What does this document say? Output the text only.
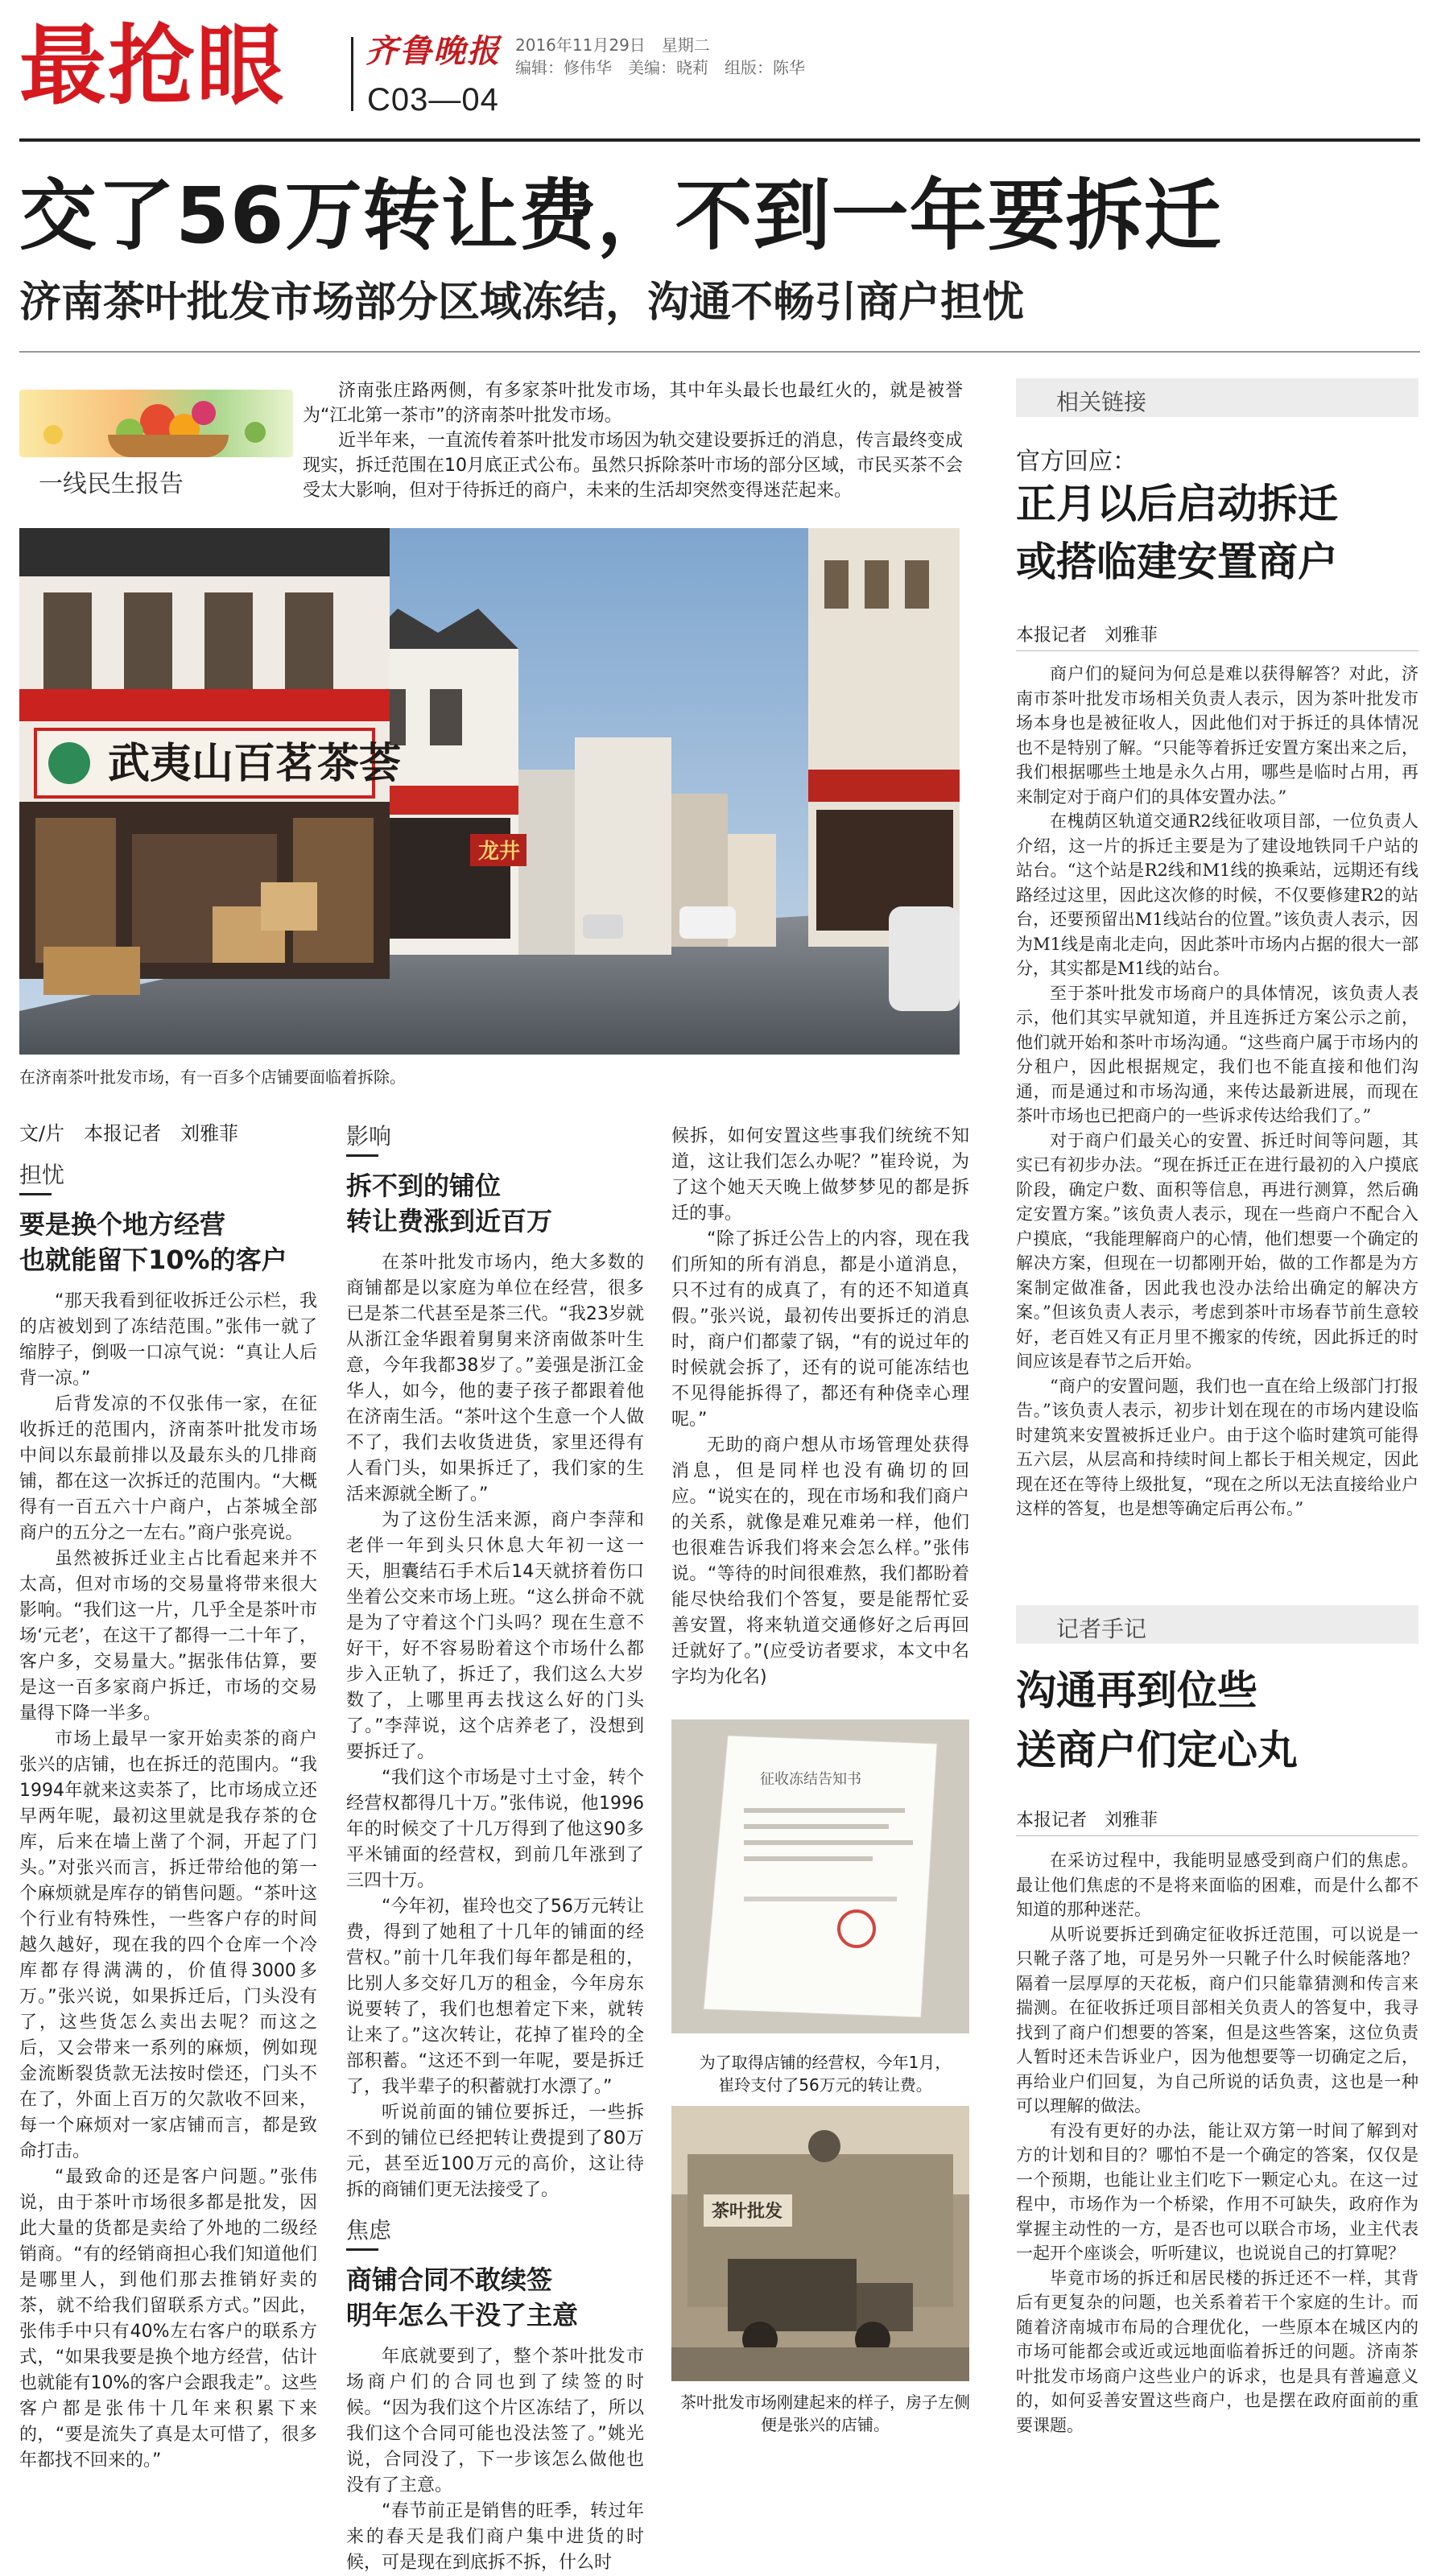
最抢眼 齐鲁晚报
C03—04
2016年11月29日　星期二
编辑：修伟华　美编：晓莉　组版：陈华
交了56万转让费，不到一年要拆迁
济南茶叶批发市场部分区域冻结，沟通不畅引商户担忧
一线民生报告

济南张庄路两侧，有多家茶叶批发市场，其中年头最长也最红火的，就是被誉为“江北第一茶市”的济南茶叶批发市场。

近半年来，一直流传着茶叶批发市场因为轨交建设要拆迁的消息，传言最终变成现实，拆迁范围在10月底正式公布。虽然只拆除茶叶市场的部分区域，市民买茶不会受太大影响，但对于待拆迁的商户，未来的生活却突然变得迷茫起来。

武夷山百茗茶荟
龙井
在济南茶叶批发市场，有一百多个店铺要面临着拆除。
文/片　本报记者　刘雅菲
担忧
要是换个地方经营
也就能留下10%的客户

“那天我看到征收拆迁公示栏，我的店被划到了冻结范围。”张伟一就了缩脖子，倒吸一口凉气说：“真让人后背一凉。”

后背发凉的不仅张伟一家，在征收拆迁的范围内，济南茶叶批发市场中间以东最前排以及最东头的几排商铺，都在这一次拆迁的范围内。“大概得有一百五六十户商户，占茶城全部商户的五分之一左右。”商户张亮说。

虽然被拆迁业主占比看起来并不太高，但对市场的交易量将带来很大影响。“我们这一片，几乎全是茶叶市场‘元老’，在这干了都得一二十年了，客户多，交易量大。”据张伟估算，要是这一百多家商户拆迁，市场的交易量得下降一半多。

市场上最早一家开始卖茶的商户张兴的店铺，也在拆迁的范围内。“我1994年就来这卖茶了，比市场成立还早两年呢，最初这里就是我存茶的仓库，后来在墙上凿了个洞，开起了门头。”对张兴而言，拆迁带给他的第一个麻烦就是库存的销售问题。“茶叶这个行业有特殊性，一些客户存的时间越久越好，现在我的四个仓库一个冷库都存得满满的，价值得3000多万。”张兴说，如果拆迁后，门头没有了，这些货怎么卖出去呢？而这之后，又会带来一系列的麻烦，例如现金流断裂货款无法按时偿还，门头不在了，外面上百万的欠款收不回来，每一个麻烦对一家店铺而言，都是致命打击。

“最致命的还是客户问题。”张伟说，由于茶叶市场很多都是批发，因此大量的货都是卖给了外地的二级经销商。“有的经销商担心我们知道他们是哪里人，到他们那去推销好卖的茶，就不给我们留联系方式。”因此，张伟手中只有40%左右客户的联系方式，“如果我要是换个地方经营，估计也就能有10%的客户会跟我走”。这些客户都是张伟十几年来积累下来的，“要是流失了真是太可惜了，很多年都找不回来的。”

影响
拆不到的铺位
转让费涨到近百万

在茶叶批发市场内，绝大多数的商铺都是以家庭为单位在经营，很多已是茶二代甚至是茶三代。“我23岁就从浙江金华跟着舅舅来济南做茶叶生意，今年我都38岁了。”姜强是浙江金华人，如今，他的妻子孩子都跟着他在济南生活。“茶叶这个生意一个人做不了，我们去收货进货，家里还得有人看门头，如果拆迁了，我们家的生活来源就全断了。”

为了这份生活来源，商户李萍和老伴一年到头只休息大年初一这一天，胆囊结石手术后14天就挤着伤口坐着公交来市场上班。“这么拼命不就是为了守着这个门头吗？现在生意不好干，好不容易盼着这个市场什么都步入正轨了，拆迁了，我们这么大岁数了，上哪里再去找这么好的门头了。”李萍说，这个店养老了，没想到要拆迁了。

“我们这个市场是寸土寸金，转个经营权都得几十万。”张伟说，他1996年的时候交了十几万得到了他这90多平米铺面的经营权，到前几年涨到了三四十万。

“今年初，崔玲也交了56万元转让费，得到了她租了十几年的铺面的经营权。”前十几年我们每年都是租的，比别人多交好几万的租金，今年房东说要转了，我们也想着定下来，就转让来了。”这次转让，花掉了崔玲的全部积蓄。“这还不到一年呢，要是拆迁了，我半辈子的积蓄就打水漂了。”

听说前面的铺位要拆迁，一些拆不到的铺位已经把转让费提到了80万元，甚至近100万元的高价，这让待拆的商铺们更无法接受了。

焦虑
商铺合同不敢续签
明年怎么干没了主意

年底就要到了，整个茶叶批发市场商户们的合同也到了续签的时候。“因为我们这个片区冻结了，所以我们这个合同可能也没法签了。”姚光说，合同没了，下一步该怎么做他也没有了主意。

“春节前正是销售的旺季，转过年来的春天是我们商户集中进货的时候，可是现在到底拆不拆，什么时

候拆，如何安置这些事我们统统不知道，这让我们怎么办呢？”崔玲说，为了这个她天天晚上做梦梦见的都是拆迁的事。

“除了拆迁公告上的内容，现在我们所知的所有消息，都是小道消息，只不过有的成真了，有的还不知道真假。”张兴说，最初传出要拆迁的消息时，商户们都蒙了锅，“有的说过年的时候就会拆了，还有的说可能冻结也不见得能拆得了，都还有种侥幸心理呢。”

无助的商户想从市场管理处获得消息，但是同样也没有确切的回应。“说实在的，现在市场和我们商户的关系，就像是难兄难弟一样，他们也很难告诉我们将来会怎么样。”张伟说。“等待的时间很难熬，我们都盼着能尽快给我们个答复，要是能帮忙妥善安置，将来轨道交通修好之后再回迁就好了。”(应受访者要求，本文中名字均为化名)

征收冻结告知书
为了取得店铺的经营权，今年1月，崔玲支付了56万元的转让费。
茶叶批发
茶叶批发市场刚建起来的样子，房子左侧便是张兴的店铺。
相关链接
官方回应：
正月以后启动拆迁
或搭临建安置商户
本报记者　刘雅菲

商户们的疑问为何总是难以获得解答？对此，济南市茶叶批发市场相关负责人表示，因为茶叶批发市场本身也是被征收人，因此他们对于拆迁的具体情况也不是特别了解。“只能等着拆迁安置方案出来之后，我们根据哪些土地是永久占用，哪些是临时占用，再来制定对于商户们的具体安置办法。”

在槐荫区轨道交通R2线征收项目部，一位负责人介绍，这一片的拆迁主要是为了建设地铁同千户站的站台。“这个站是R2线和M1线的换乘站，远期还有线路经过这里，因此这次修的时候，不仅要修建R2的站台，还要预留出M1线站台的位置。”该负责人表示，因为M1线是南北走向，因此茶叶市场内占据的很大一部分，其实都是M1线的站台。

至于茶叶批发市场商户的具体情况，该负责人表示，他们其实早就知道，并且连拆迁方案公示之前，他们就开始和茶叶市场沟通。“这些商户属于市场内的分租户，因此根据规定，我们也不能直接和他们沟通，而是通过和市场沟通，来传达最新进展，而现在茶叶市场也已把商户的一些诉求传达给我们了。”

对于商户们最关心的安置、拆迁时间等问题，其实已有初步办法。“现在拆迁正在进行最初的入户摸底阶段，确定户数、面积等信息，再进行测算，然后确定安置方案。”该负责人表示，现在一些商户不配合入户摸底，“我能理解商户的心情，他们想要一个确定的解决方案，但现在一切都刚开始，做的工作都是为方案制定做准备，因此我也没办法给出确定的解决方案。”但该负责人表示，考虑到茶叶市场春节前生意较好，老百姓又有正月里不搬家的传统，因此拆迁的时间应该是春节之后开始。

“商户的安置问题，我们也一直在给上级部门打报告。”该负责人表示，初步计划在现在的市场内建设临时建筑来安置被拆迁业户。由于这个临时建筑可能得五六层，从层高和持续时间上都长于相关规定，因此现在还在等待上级批复，“现在之所以无法直接给业户这样的答复，也是想等确定后再公布。”

记者手记
沟通再到位些
送商户们定心丸
本报记者　刘雅菲

在采访过程中，我能明显感受到商户们的焦虑。最让他们焦虑的不是将来面临的困难，而是什么都不知道的那种迷茫。

从听说要拆迁到确定征收拆迁范围，可以说是一只靴子落了地，可是另外一只靴子什么时候能落地？隔着一层厚厚的天花板，商户们只能靠猜测和传言来揣测。在征收拆迁项目部相关负责人的答复中，我寻找到了商户们想要的答案，但是这些答案，这位负责人暂时还未告诉业户，因为他想要等一切确定之后，再给业户们回复，为自己所说的话负责，这也是一种可以理解的做法。

有没有更好的办法，能让双方第一时间了解到对方的计划和目的？哪怕不是一个确定的答案，仅仅是一个预期，也能让业主们吃下一颗定心丸。在这一过程中，市场作为一个桥梁，作用不可缺失，政府作为掌握主动性的一方，是否也可以联合市场，业主代表一起开个座谈会，听听建议，也说说自己的打算呢？

毕竟市场的拆迁和居民楼的拆迁还不一样，其背后有更复杂的问题，也关系着若干个家庭的生计。而随着济南城市布局的合理优化，一些原本在城区内的市场可能都会或近或远地面临着拆迁的问题。济南茶叶批发市场商户这些业户的诉求，也是具有普遍意义的，如何妥善安置这些商户，也是摆在政府面前的重要课题。
